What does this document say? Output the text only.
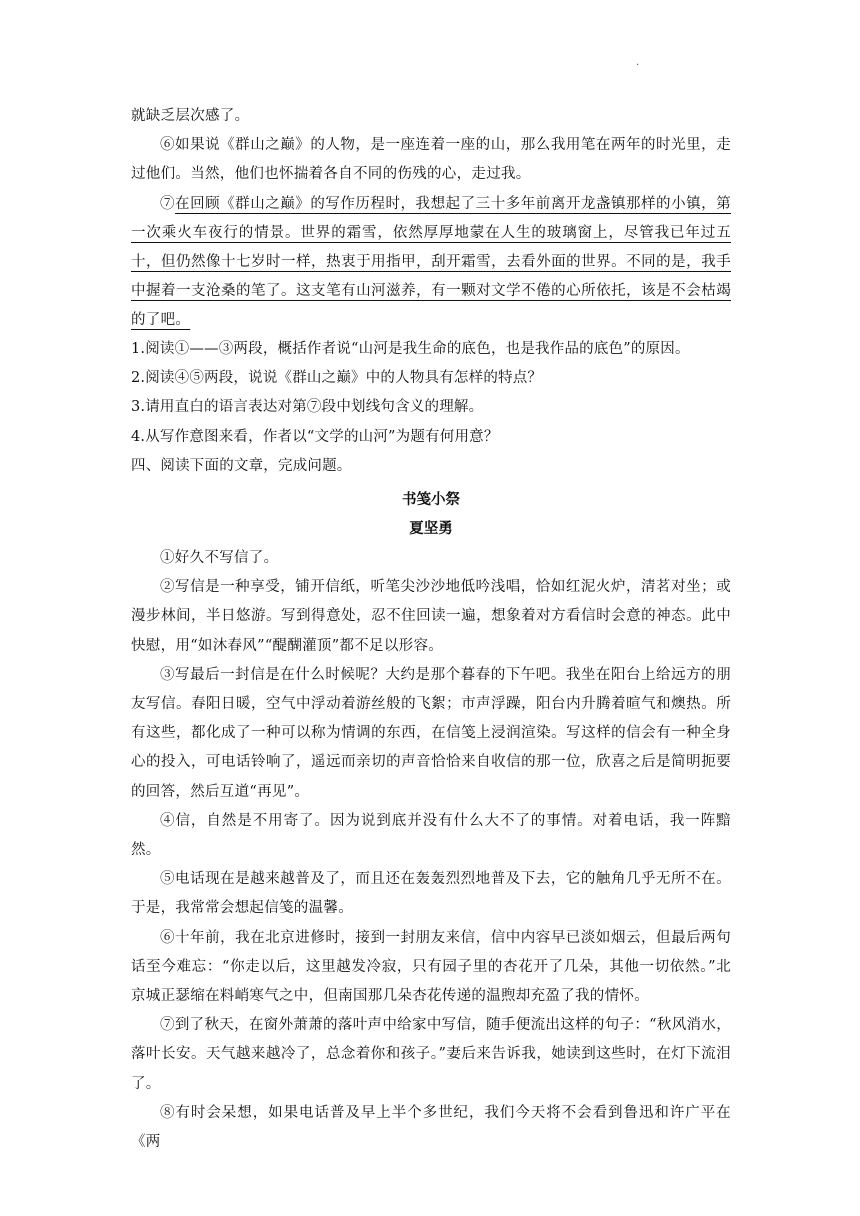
·

就缺乏层次感了。

⑥如果说《群山之巅》的人物，是一座连着一座的山，那么我用笔在两年的时光里，走过他们。当然，他们也怀揣着各自不同的伤残的心，走过我。

⑦在回顾《群山之巅》的写作历程时，我想起了三十多年前离开龙盏镇那样的小镇，第一次乘火车夜行的情景。世界的霜雪，依然厚厚地蒙在人生的玻璃窗上，尽管我已年过五十，但仍然像十七岁时一样，热衷于用指甲，刮开霜雪，去看外面的世界。不同的是，我手中握着一支沧桑的笔了。这支笔有山河滋养，有一颗对文学不倦的心所依托，该是不会枯竭的了吧。

1.阅读①——③两段，概括作者说“山河是我生命的底色，也是我作品的底色”的原因。

2.阅读④⑤两段，说说《群山之巅》中的人物具有怎样的特点？

3.请用直白的语言表达对第⑦段中划线句含义的理解。

4.从写作意图来看，作者以“文学的山河”为题有何用意？

四、阅读下面的文章，完成问题。

书笺小祭

夏坚勇

①好久不写信了。

②写信是一种享受，铺开信纸，听笔尖沙沙地低吟浅唱，恰如红泥火炉，清茗对坐；或漫步林间，半日悠游。写到得意处，忍不住回读一遍，想象着对方看信时会意的神态。此中快慰，用“如沐春风”“醍醐灌顶”都不足以形容。

③写最后一封信是在什么时候呢？大约是那个暮春的下午吧。我坐在阳台上给远方的朋友写信。春阳日暖，空气中浮动着游丝般的飞絮；市声浮躁，阳台内升腾着暄气和燠热。所有这些，都化成了一种可以称为情调的东西，在信笺上浸润渲染。写这样的信会有一种全身心的投入，可电话铃响了，遥远而亲切的声音恰恰来自收信的那一位，欣喜之后是简明扼要的回答，然后互道“再见”。

④信，自然是不用寄了。因为说到底并没有什么大不了的事情。对着电话，我一阵黯然。

⑤电话现在是越来越普及了，而且还在轰轰烈烈地普及下去，它的触角几乎无所不在。于是，我常常会想起信笺的温馨。

⑥十年前，我在北京进修时，接到一封朋友来信，信中内容早已淡如烟云，但最后两句话至今难忘：“你走以后，这里越发冷寂，只有园子里的杏花开了几朵，其他一切依然。”北京城正瑟缩在料峭寒气之中，但南国那几朵杏花传递的温煦却充盈了我的情怀。

⑦到了秋天，在窗外萧萧的落叶声中给家中写信，随手便流出这样的句子：“秋风消水，落叶长安。天气越来越冷了，总念着你和孩子。”妻后来告诉我，她读到这些时，在灯下流泪了。

⑧有时会呆想，如果电话普及早上半个多世纪，我们今天将不会看到鲁迅和许广平在《两
